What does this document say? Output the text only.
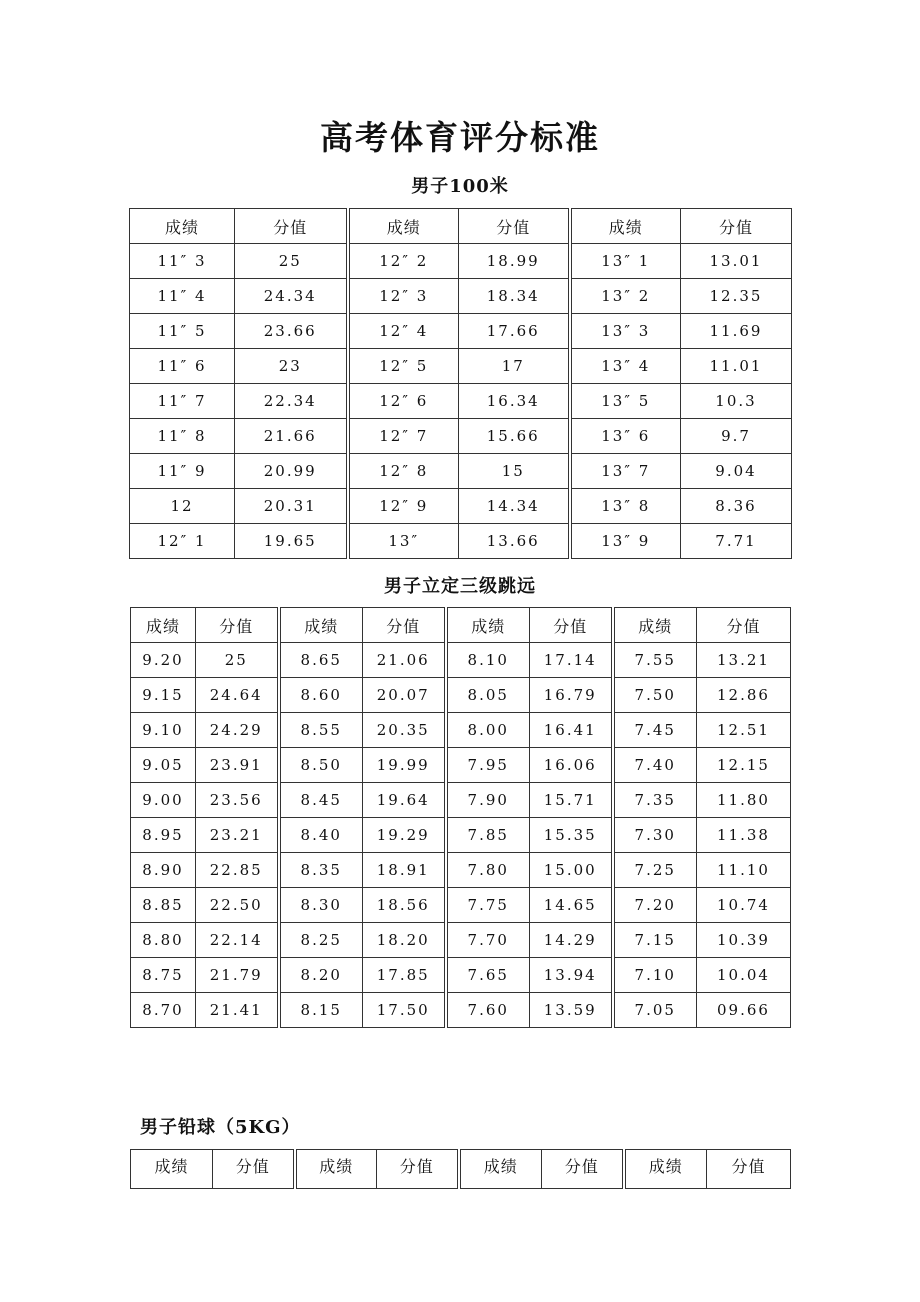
高考体育评分标准
男子100米
成绩	分值	成绩	分值	成绩	分值
11″ 3	25	12″ 2	18.99	13″ 1	13.01
11″ 4	24.34	12″ 3	18.34	13″ 2	12.35
11″ 5	23.66	12″ 4	17.66	13″ 3	11.69
11″ 6	23	12″ 5	17	13″ 4	11.01
11″ 7	22.34	12″ 6	16.34	13″ 5	10.3
11″ 8	21.66	12″ 7	15.66	13″ 6	9.7
11″ 9	20.99	12″ 8	15	13″ 7	9.04
12	20.31	12″ 9	14.34	13″ 8	8.36
12″ 1	19.65	13″	13.66	13″ 9	7.71
男子立定三级跳远
成绩	分值	成绩	分值	成绩	分值	成绩	分值
9.20	25	8.65	21.06	8.10	17.14	7.55	13.21
9.15	24.64	8.60	20.07	8.05	16.79	7.50	12.86
9.10	24.29	8.55	20.35	8.00	16.41	7.45	12.51
9.05	23.91	8.50	19.99	7.95	16.06	7.40	12.15
9.00	23.56	8.45	19.64	7.90	15.71	7.35	11.80
8.95	23.21	8.40	19.29	7.85	15.35	7.30	11.38
8.90	22.85	8.35	18.91	7.80	15.00	7.25	11.10
8.85	22.50	8.30	18.56	7.75	14.65	7.20	10.74
8.80	22.14	8.25	18.20	7.70	14.29	7.15	10.39
8.75	21.79	8.20	17.85	7.65	13.94	7.10	10.04
8.70	21.41	8.15	17.50	7.60	13.59	7.05	09.66
男子铅球（5KG）
成绩	分值	成绩	分值	成绩	分值	成绩	分值
